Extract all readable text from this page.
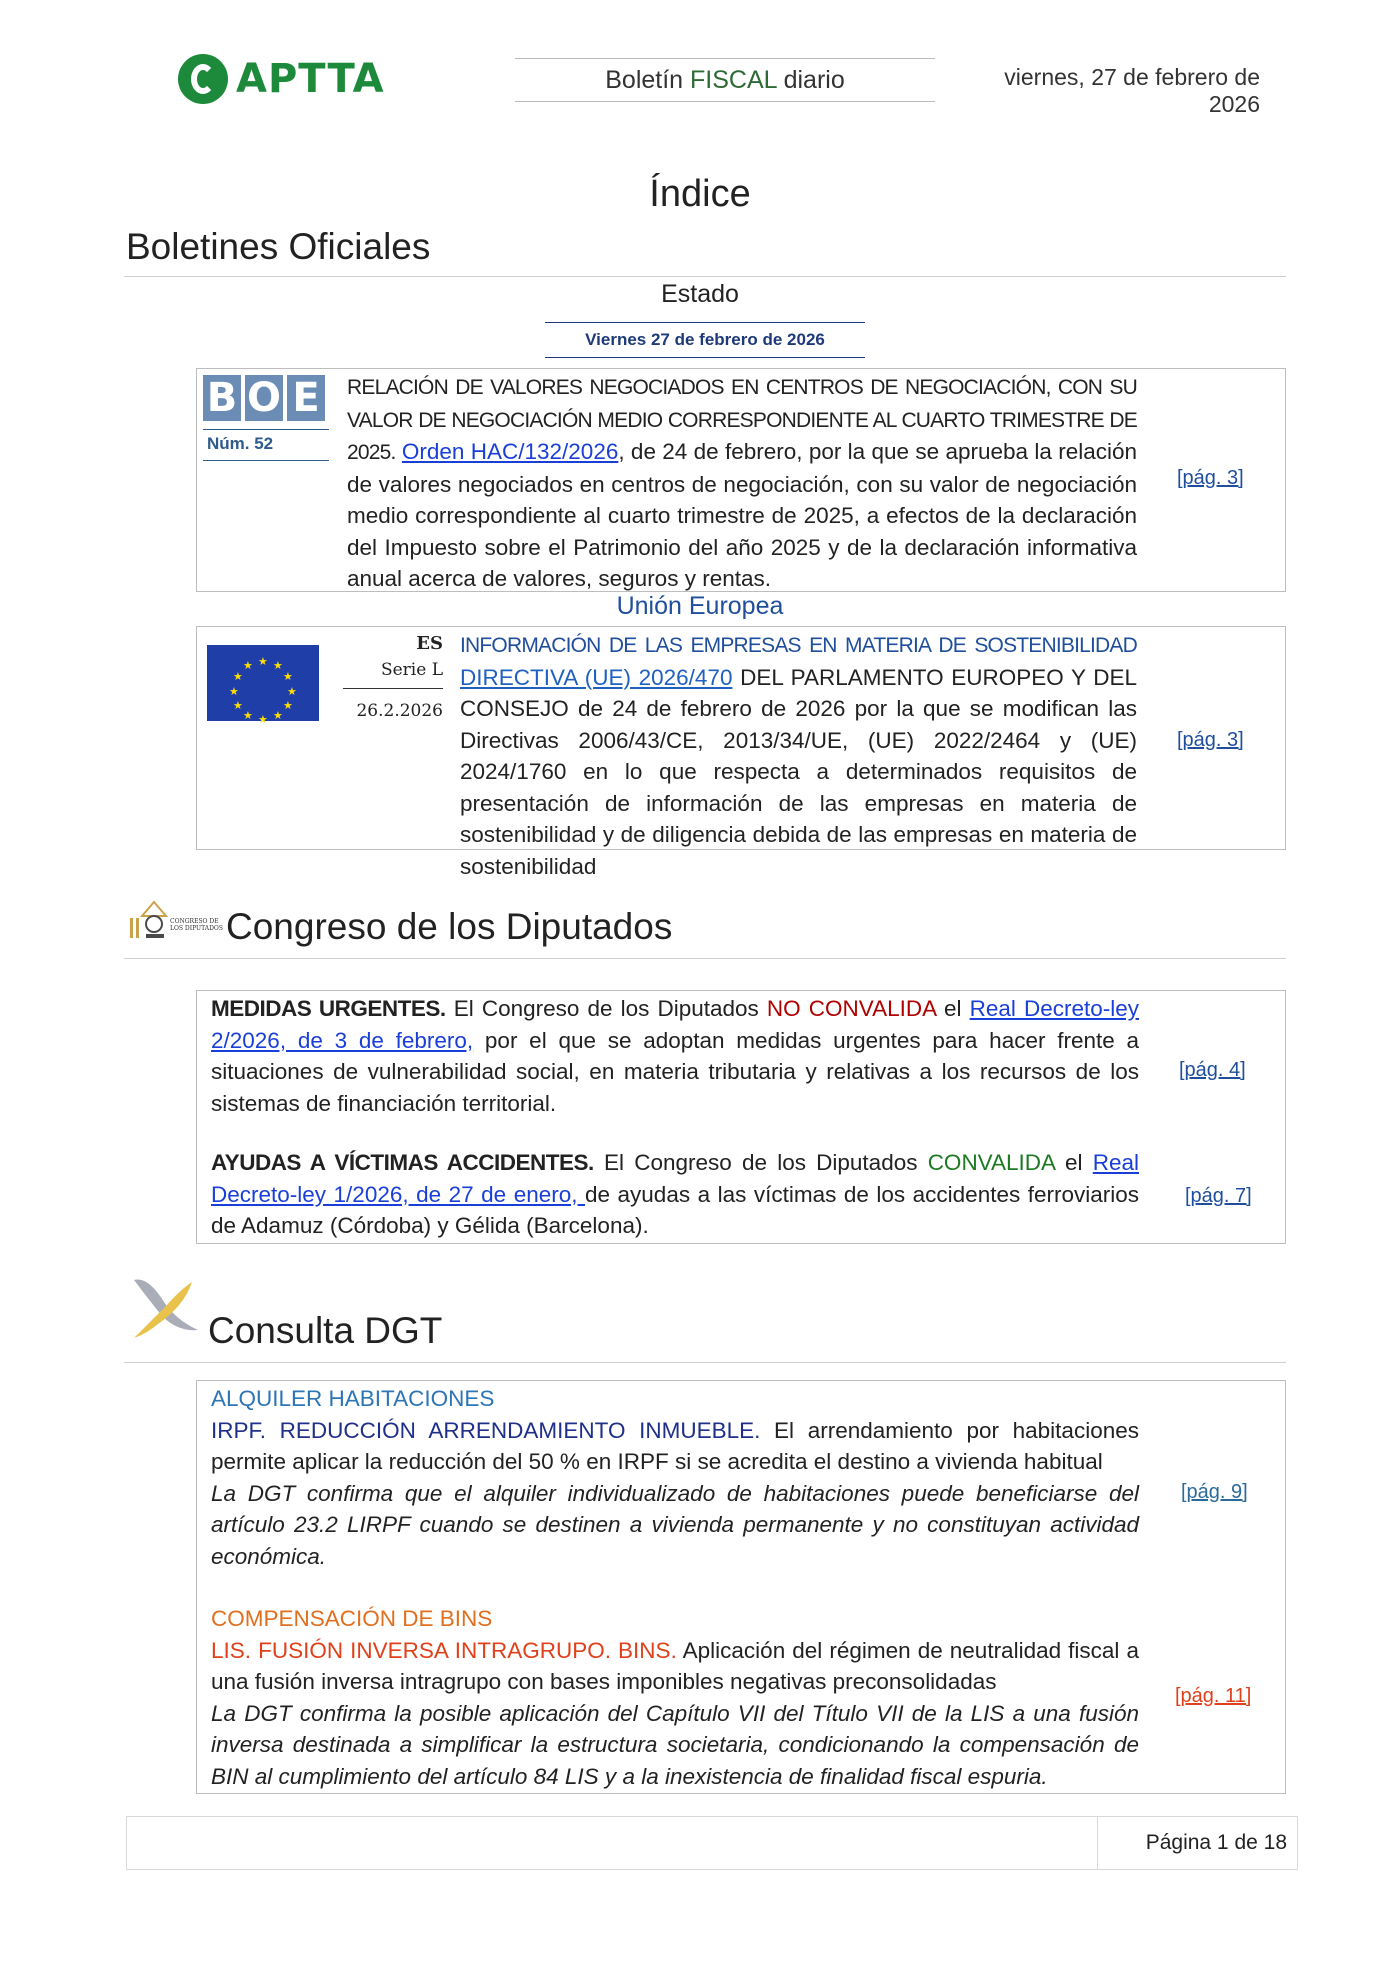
APTTA	Boletín FISCAL diario	viernes, 27 de febrero de 2026
Índice
Boletines Oficiales
Estado
Viernes 27 de febrero de 2026
B O E
Núm. 52
RELACIÓN DE VALORES NEGOCIADOS EN CENTROS DE NEGOCIACIÓN, CON SU VALOR DE NEGOCIACIÓN MEDIO CORRESPONDIENTE AL CUARTO TRIMESTRE DE 2025. Orden HAC/132/2026, de 24 de febrero, por la que se aprueba la relación de valores negociados en centros de negociación, con su valor de negociación medio correspondiente al cuarto trimestre de 2025, a efectos de la declaración del Impuesto sobre el Patrimonio del año 2025 y de la declaración informativa anual acerca de valores, seguros y rentas.
[pág. 3]
Unión Europea
★ ★
★
★
★
★
★
★
★
★
★
★
ES
Serie L
26.2.2026
INFORMACIÓN DE LAS EMPRESAS EN MATERIA DE SOSTENIBILIDAD DIRECTIVA (UE) 2026/470 DEL PARLAMENTO EUROPEO Y DEL CONSEJO de 24 de febrero de 2026 por la que se modifican las Directivas 2006/43/CE, 2013/34/UE, (UE) 2022/2464 y (UE) 2024/1760 en lo que respecta a determinados requisitos de presentación de información de las empresas en materia de sostenibilidad y de diligencia debida de las empresas en materia de sostenibilidad
[pág. 3]
CONGRESO DE LOS DIPUTADOS Congreso de los Diputados
MEDIDAS URGENTES. El Congreso de los Diputados NO CONVALIDA el Real Decreto-ley 2/2026, de 3 de febrero, por el que se adoptan medidas urgentes para hacer frente a situaciones de vulnerabilidad social, en materia tributaria y relativas a los recursos de los sistemas de financiación territorial.
[pág. 4]
AYUDAS A VÍCTIMAS ACCIDENTES. El Congreso de los Diputados CONVALIDA el Real Decreto-ley 1/2026, de 27 de enero, de ayudas a las víctimas de los accidentes ferroviarios de Adamuz (Córdoba) y Gélida (Barcelona).
[pág. 7]
Consulta DGT
ALQUILER HABITACIONES
IRPF. REDUCCIÓN ARRENDAMIENTO INMUEBLE. El arrendamiento por habitaciones permite aplicar la reducción del 50 % en IRPF si se acredita el destino a vivienda habitual
La DGT confirma que el alquiler individualizado de habitaciones puede beneficiarse del artículo 23.2 LIRPF cuando se destinen a vivienda permanente y no constituyan actividad económica.
[pág. 9]
COMPENSACIÓN DE BINS
LIS. FUSIÓN INVERSA INTRAGRUPO. BINS. Aplicación del régimen de neutralidad fiscal a una fusión inversa intragrupo con bases imponibles negativas preconsolidadas
La DGT confirma la posible aplicación del Capítulo VII del Título VII de la LIS a una fusión inversa destinada a simplificar la estructura societaria, condicionando la compensación de BIN al cumplimiento del artículo 84 LIS y a la inexistencia de finalidad fiscal espuria.
[pág. 11]
Página 1 de 18
